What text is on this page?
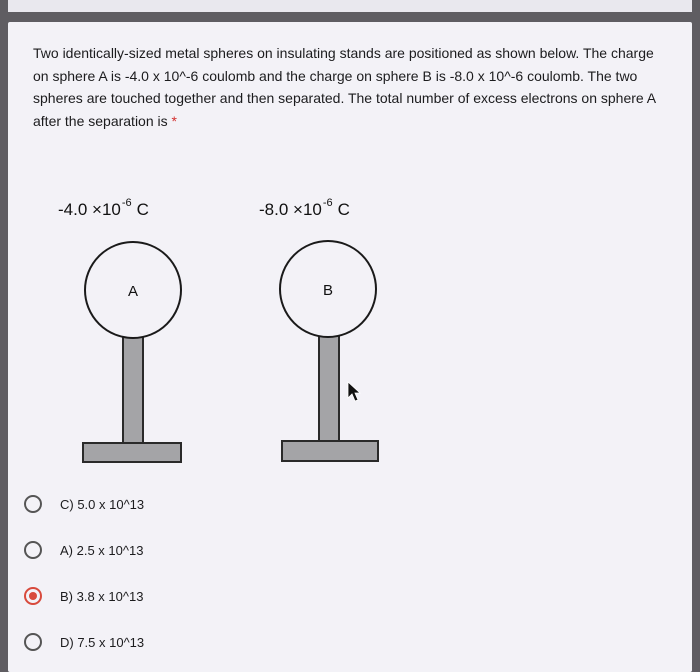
Two identically-sized metal spheres on insulating stands are positioned as shown below. The charge on sphere A is -4.0 x 10^-6 coulomb and the charge on sphere B is -8.0 x 10^-6 coulomb. The two spheres are touched together and then separated. The total number of excess electrons on sphere A after the separation is *
$-4.0 \times 10^{-6}$ C	$-8.0 \times 10^{-6}$ C
A	B
C) 5.0 x 10^13
A) 2.5 x 10^13
B) 3.8 x 10^13
D) 7.5 x 10^13
